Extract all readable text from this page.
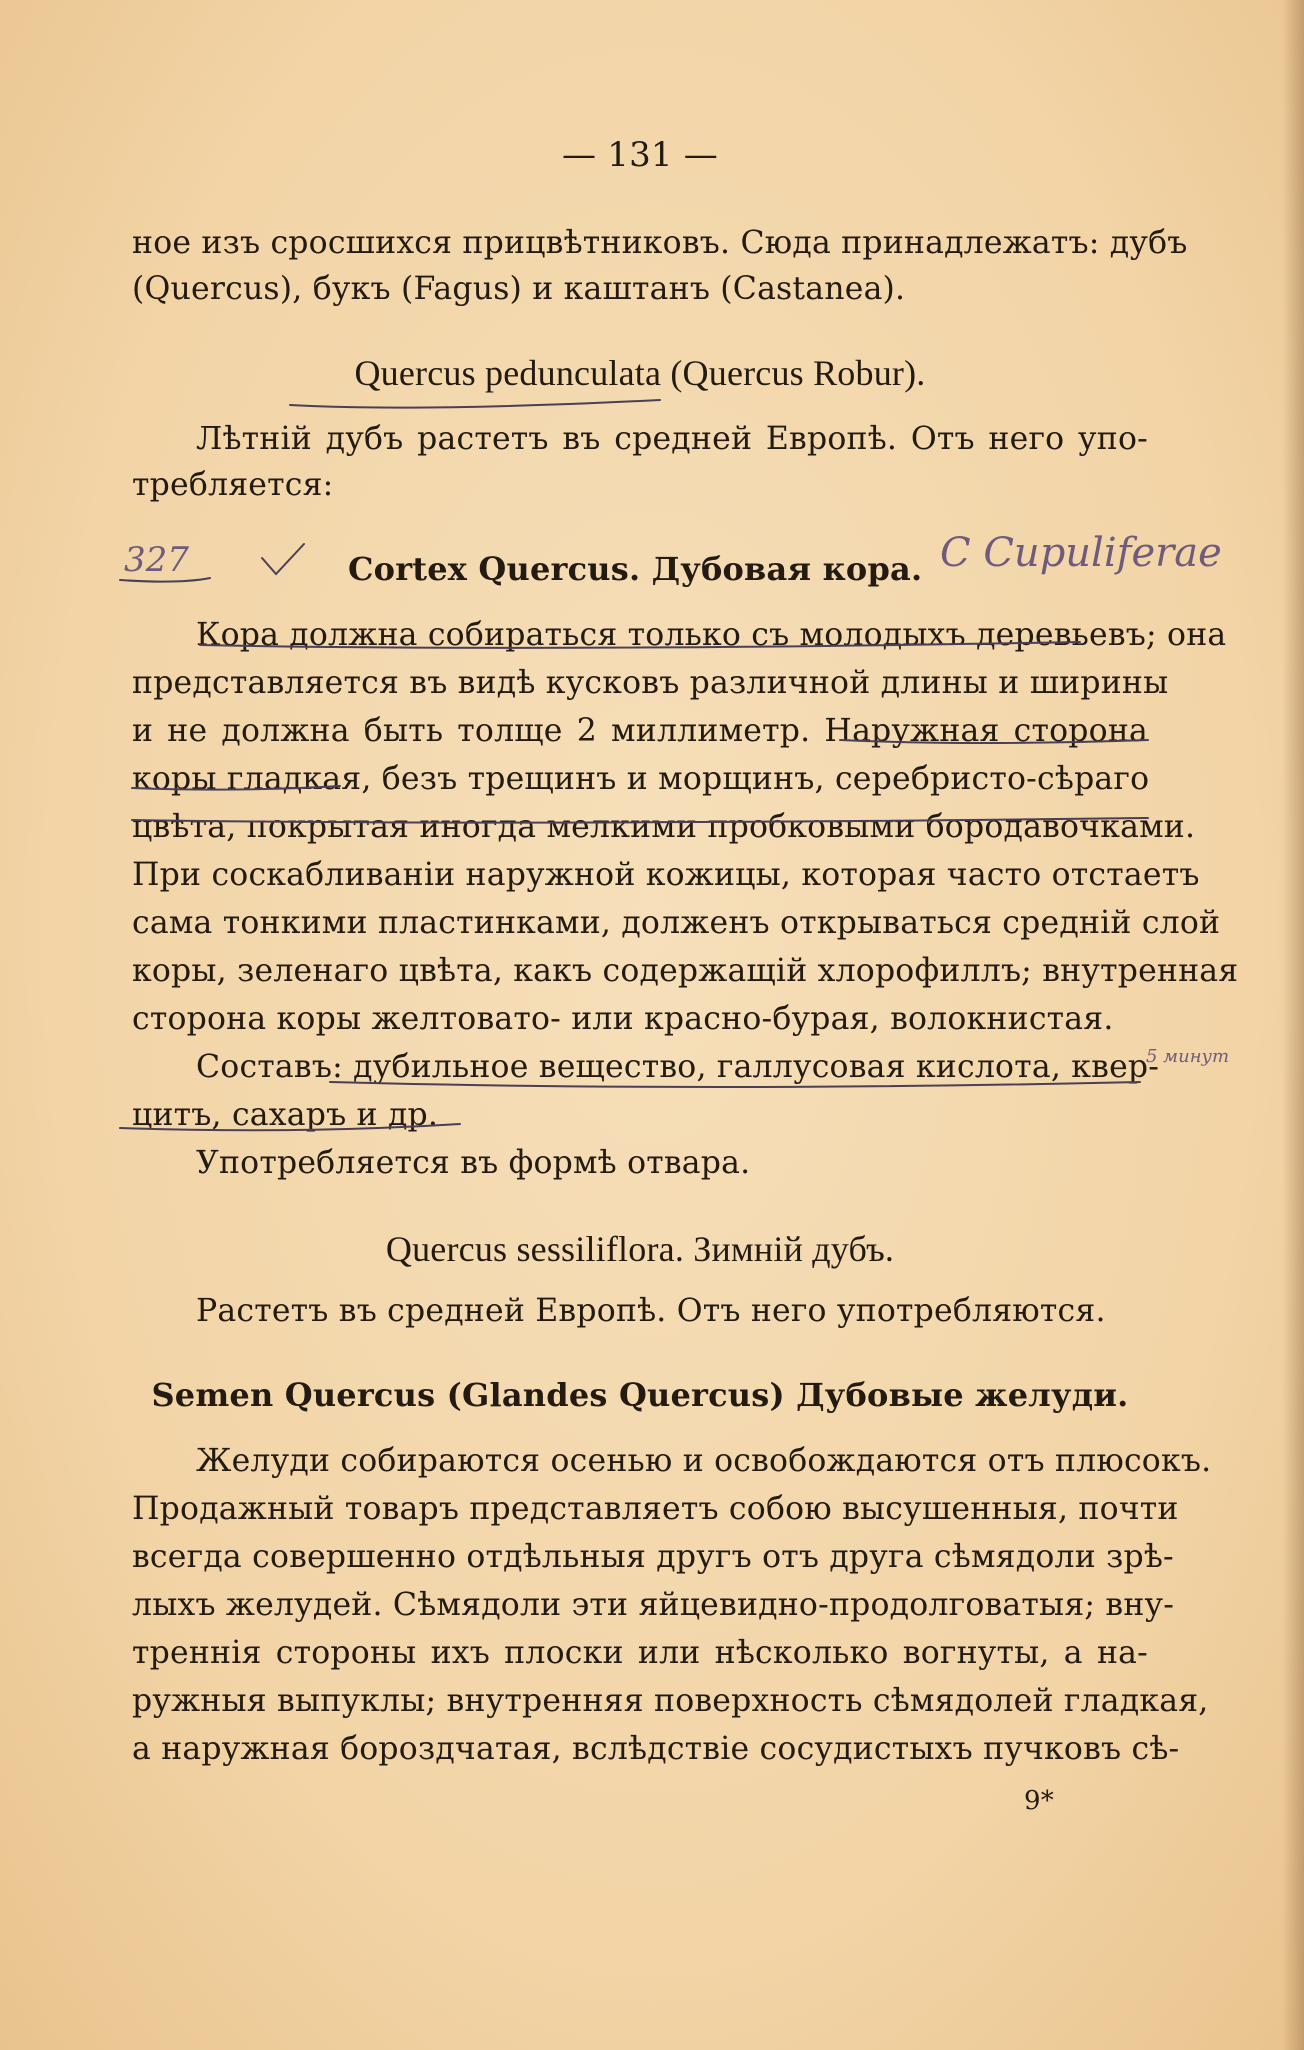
— 131 —
ное изъ сросшихся прицвѣтниковъ. Сюда принадлежатъ: дубъ
(Quercus), букъ (Fagus) и каштанъ (Castanea).
Quercus pedunculata (Quercus Robur).
Лѣтній дубъ растетъ въ средней Европѣ. Отъ него упо-
требляется:
Cortex Quercus. Дубовая кора.
Кора должна собираться только съ молодыхъ деревьевъ; она
представляется въ видѣ кусковъ различной длины и ширины
и не должна быть толще 2 миллиметр. Наружная сторона
коры гладкая, безъ трещинъ и морщинъ, серебристо-сѣраго
цвѣта, покрытая иногда мелкими пробковыми бородавочками.
При соскабливаніи наружной кожицы, которая часто отстаетъ
сама тонкими пластинками, долженъ открываться средній слой
коры, зеленаго цвѣта, какъ содержащій хлорофиллъ; внутренная
сторона коры желтовато- или красно-бурая, волокнистая.
Составъ: дубильное вещество, галлусовая кислота, квер-
цитъ, сахаръ и др.
Употребляется въ формѣ отвара.
Quercus sessiliflora. Зимній дубъ.
Растетъ въ средней Европѣ. Отъ него употребляются.
Semen Quercus (Glandes Quercus) Дубовые желуди.
Желуди собираются осенью и освобождаются отъ плюсокъ.
Продажный товаръ представляетъ собою высушенныя, почти
всегда совершенно отдѣльныя другъ отъ друга сѣмядоли зрѣ-
лыхъ желудей. Сѣмядоли эти яйцевидно-продолговатыя; вну-
треннія стороны ихъ плоски или нѣсколько вогнуты, а на-
ружныя выпуклы; внутренняя поверхность сѣмядолей гладкая,
а наружная бороздчатая, вслѣдствіе сосудистыхъ пучковъ сѣ-
9*
327	C Cupuliferae
5 минут
